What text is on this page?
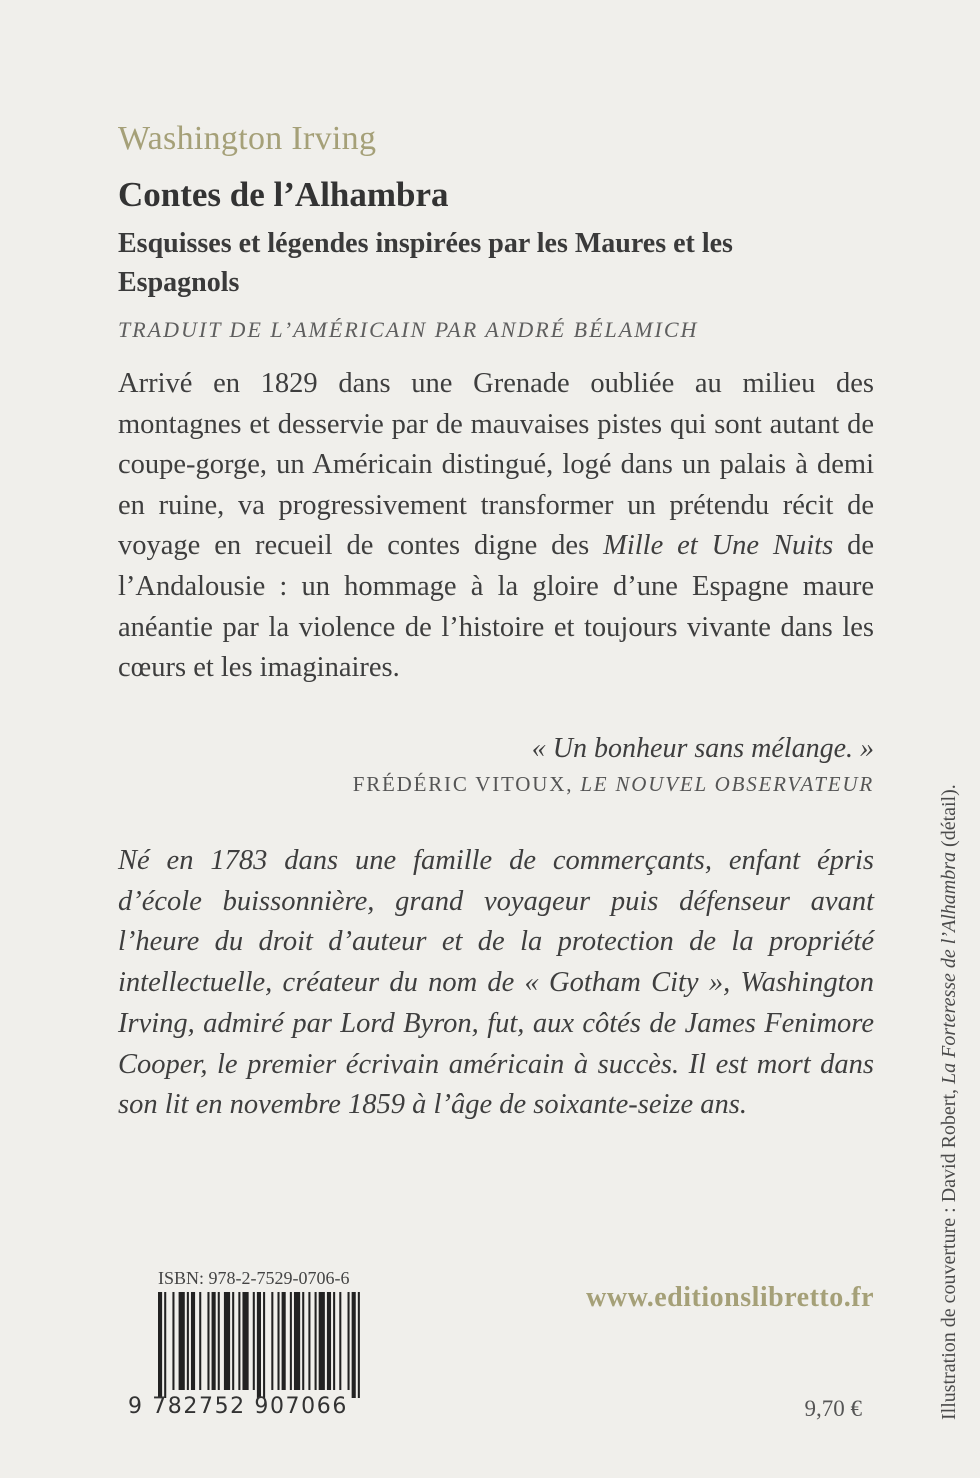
Washington Irving
Contes de l’Alhambra
Esquisses et légendes inspirées par les Maures et les Espagnols
TRADUIT DE L’AMÉRICAIN PAR ANDRÉ BÉLAMICH

Arrivé en 1829 dans une Grenade oubliée au milieu des montagnes et desservie par de mauvaises pistes qui sont autant de coupe-gorge, un Américain distingué, logé dans un palais à demi en ruine, va progressivement transformer un prétendu récit de voyage en recueil de contes digne des Mille et Une Nuits de l’Andalousie : un hommage à la gloire d’une Espagne maure anéantie par la violence de l’histoire et toujours vivante dans les cœurs et les imaginaires.

« Un bonheur sans mélange. »
FRÉDÉRIC VITOUX, LE NOUVEL OBSERVATEUR

Né en 1783 dans une famille de commerçants, enfant épris d’école buissonnière, grand voyageur puis défenseur avant l’heure du droit d’auteur et de la protection de la propriété intellectuelle, créateur du nom de « Gotham City », Washington Irving, admiré par Lord Byron, fut, aux côtés de James Fenimore Cooper, le premier écrivain américain à succès. Il est mort dans son lit en novembre 1859 à l’âge de soixante-seize ans.

ISBN: 978-2-7529-0706-6
9 782752 907066
www.editionslibretto.fr
9,70 €	Illustration de couverture : David Robert, La Forteresse de l’Alhambra (détail).
